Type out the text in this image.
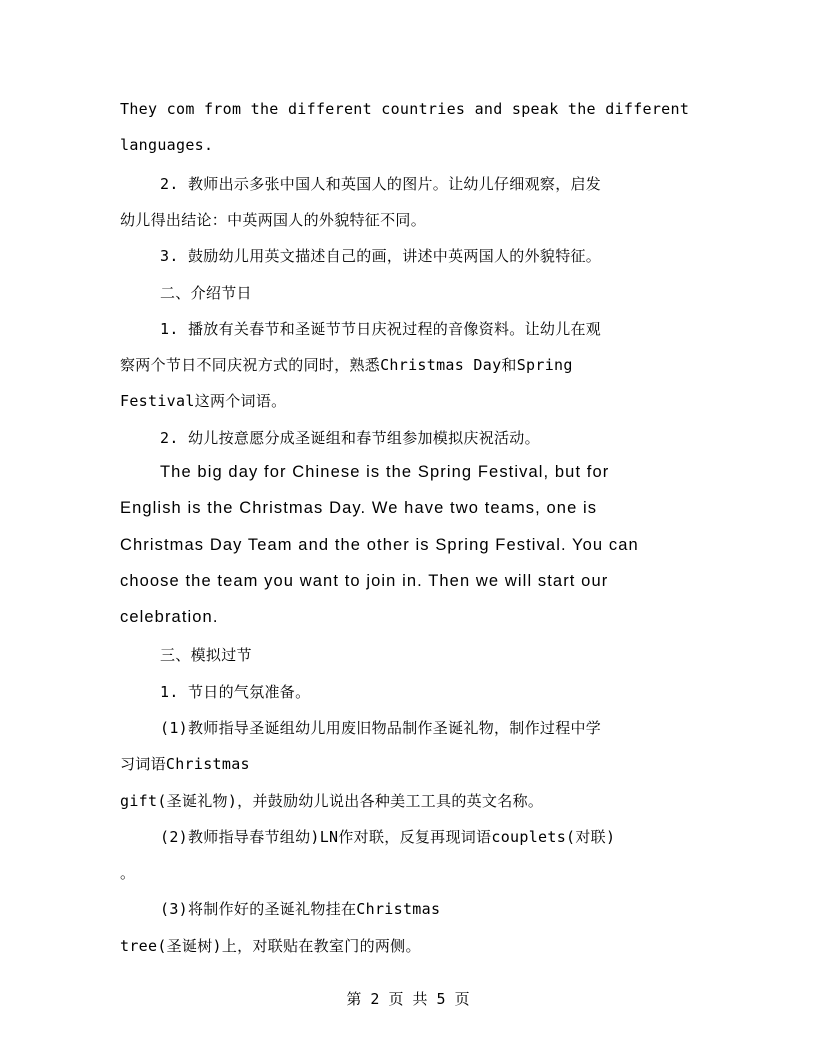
They com from the different countries and speak the different
languages.
2. 教师出示多张中国人和英国人的图片。让幼儿仔细观察，启发
幼儿得出结论：中英两国人的外貌特征不同。
3. 鼓励幼儿用英文描述自己的画，讲述中英两国人的外貌特征。
二、介绍节日
1. 播放有关春节和圣诞节节日庆祝过程的音像资料。让幼儿在观
察两个节日不同庆祝方式的同时，熟悉Christmas Day和Spring
Festival这两个词语。
2. 幼儿按意愿分成圣诞组和春节组参加模拟庆祝活动。
The big day for Chinese is the Spring Festival, but for
English is the Christmas Day. We have two teams, one is
Christmas Day Team and the other is Spring Festival. You can
choose the team you want to join in. Then we will start our
celebration.
三、模拟过节
1. 节日的气氛准备。
(1)教师指导圣诞组幼儿用废旧物品制作圣诞礼物，制作过程中学
习词语Christmas
gift(圣诞礼物)，并鼓励幼儿说出各种美工工具的英文名称。
(2)教师指导春节组幼)LN作对联，反复再现词语couplets(对联)
。
(3)将制作好的圣诞礼物挂在Christmas
tree(圣诞树)上，对联贴在教室门的两侧。
第 2 页 共 5 页
